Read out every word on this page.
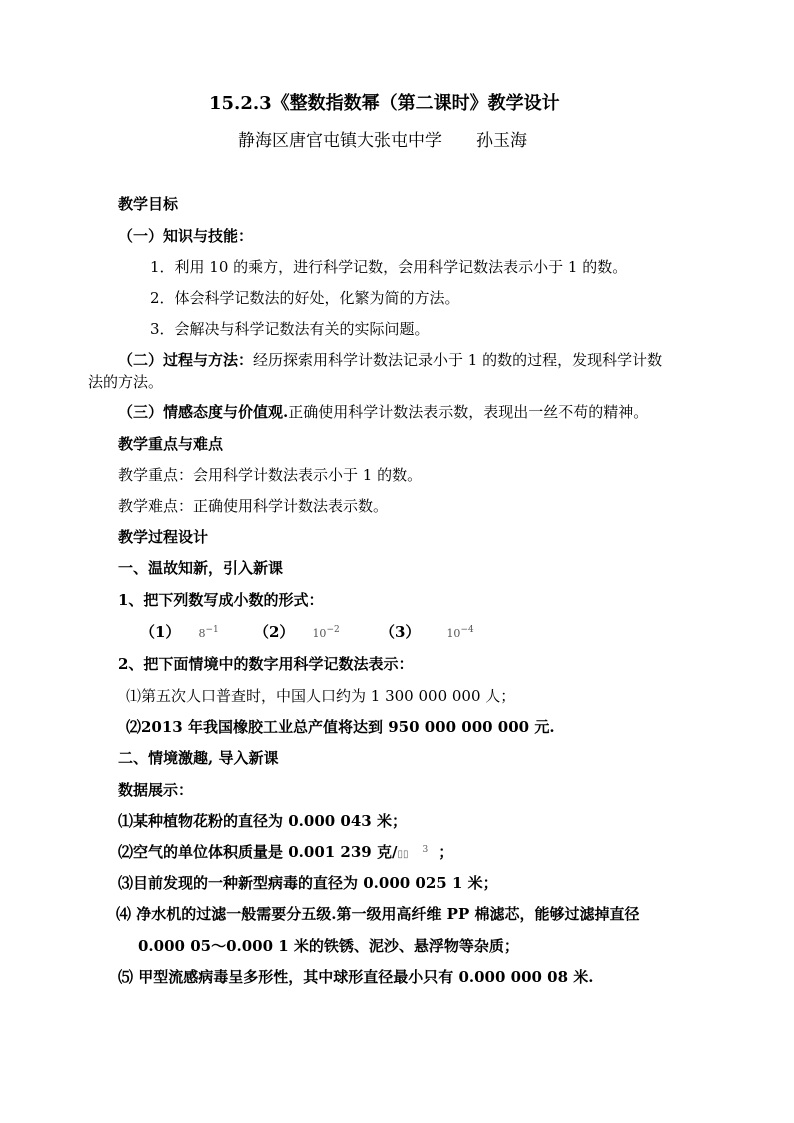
15.2.3《整数指数幂（第二课时》教学设计
静海区唐官屯镇大张屯中学 孙玉海
教学目标
（一）知识与技能：
1．利用 10 的乘方，进行科学记数，会用科学记数法表示小于 1 的数。
2．体会科学记数法的好处，化繁为简的方法。
3．会解决与科学记数法有关的实际问题。
（二）过程与方法：经历探索用科学计数法记录小于 1 的数的过程，发现科学计数
法的方法。
（三）情感态度与价值观.正确使用科学计数法表示数，表现出一丝不苟的精神。
教学重点与难点
教学重点：会用科学计数法表示小于 1 的数。
教学难点：正确使用科学计数法表示数。
教学过程设计
一、温故知新，引入新课
1、把下列数写成小数的形式：
（1） $8^{-1}$ （2） $10^{-2}$	（3） $10^{-4}$
2、把下面情境中的数字用科学记数法表示：
⑴第五次人口普查时，中国人口约为 1 300 000 000 人；
⑵2013 年我国橡胶工业总产值将达到 950 000 000 000 元.
二、情境激趣, 导入新课
数据展示：
⑴某种植物花粉的直径为 0.000 043 米；
⑵空气的单位体积质量是 0.001 239 克/▯▯ $^3$ ；
⑶目前发现的一种新型病毒的直径为 0.000 025 1 米；
⑷ 净水机的过滤一般需要分五级.第一级用高纤维 PP 棉滤芯，能够过滤掉直径
0.000 05～0.000 1 米的铁锈、泥沙、悬浮物等杂质；
⑸ 甲型流感病毒呈多形性，其中球形直径最小只有 0.000 000 08 米.
